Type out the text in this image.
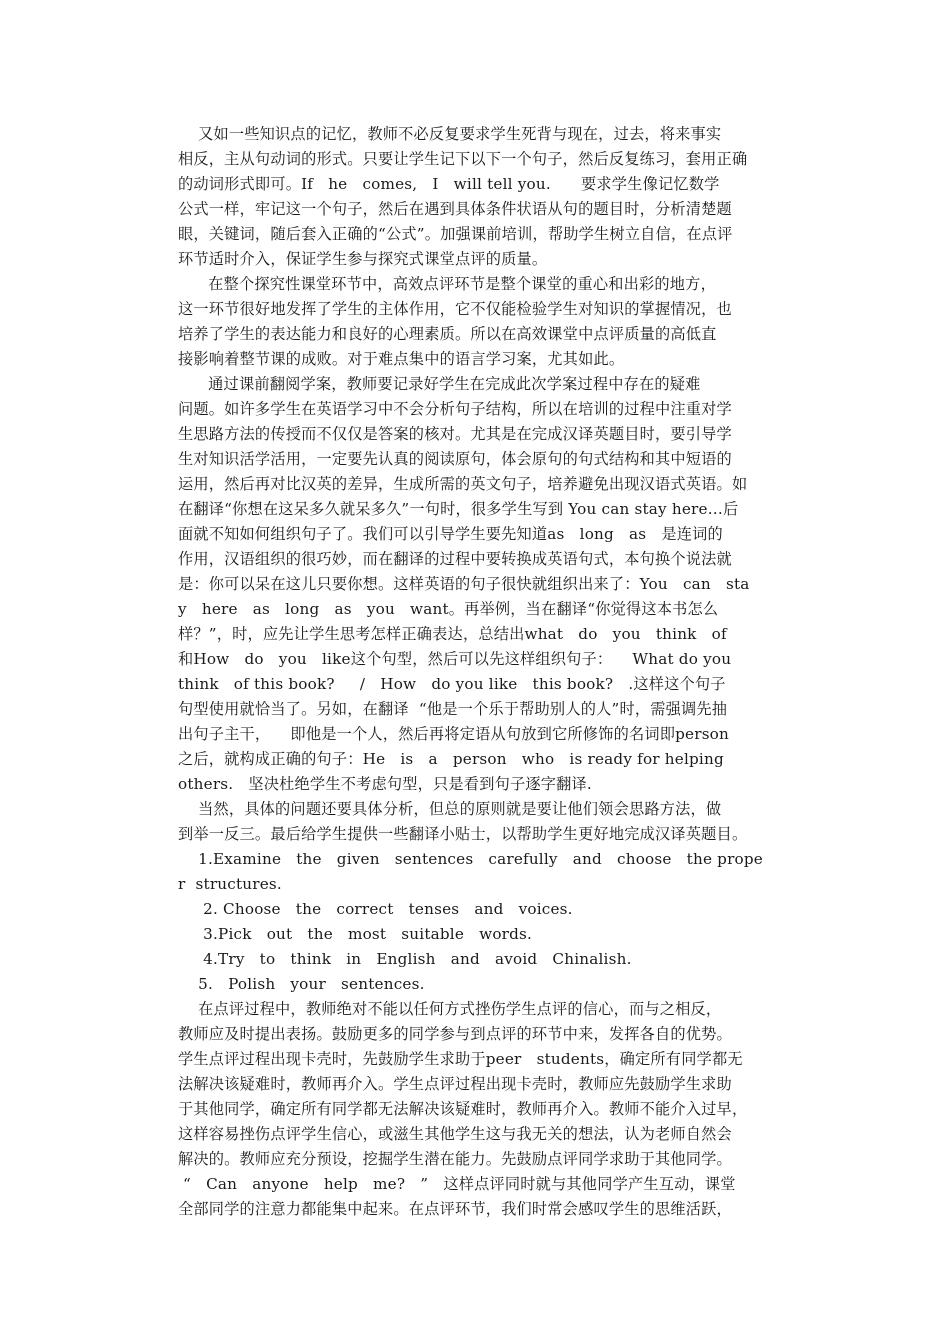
又如一些知识点的记忆，教师不必反复要求学生死背与现在，过去，将来事实
相反，主从句动词的形式。只要让学生记下以下一个句子，然后反复练习，套用正确
的动词形式即可。If   he   comes,   I   will tell you.      要求学生像记忆数学
公式一样，牢记这一个句子，然后在遇到具体条件状语从句的题目时，分析清楚题
眼，关键词，随后套入正确的“公式”。加强课前培训，帮助学生树立自信，在点评
环节适时介入，保证学生参与探究式课堂点评的质量。
在整个探究性课堂环节中，高效点评环节是整个课堂的重心和出彩的地方，
这一环节很好地发挥了学生的主体作用，它不仅能检验学生对知识的掌握情况，也
培养了学生的表达能力和良好的心理素质。所以在高效课堂中点评质量的高低直
接影响着整节课的成败。对于难点集中的语言学习案，尤其如此。
通过课前翻阅学案，教师要记录好学生在完成此次学案过程中存在的疑难
问题。如许多学生在英语学习中不会分析句子结构，所以在培训的过程中注重对学
生思路方法的传授而不仅仅是答案的核对。尤其是在完成汉译英题目时，要引导学
生对知识活学活用，一定要先认真的阅读原句，体会原句的句式结构和其中短语的
运用，然后再对比汉英的差异，生成所需的英文句子，培养避免出现汉语式英语。如
在翻译“你想在这呆多久就呆多久”一句时，很多学生写到 You can stay here…后
面就不知如何组织句子了。我们可以引导学生要先知道as   long   as   是连词的
作用，汉语组织的很巧妙，而在翻译的过程中要转换成英语句式，本句换个说法就
是：你可以呆在这儿只要你想。这样英语的句子很快就组织出来了：You   can   sta
y   here   as   long   as   you   want。再举例，当在翻译“你觉得这本书怎么
样？”，时，应先让学生思考怎样正确表达，总结出what   do   you   think   of
和How   do   you   like这个句型，然后可以先这样组织句子：    What do you
think   of this book?     /   How   do you like   this book?   .这样这个句子
句型使用就恰当了。另如，在翻译  “他是一个乐于帮助别人的人”时，需强调先抽
出句子主干，    即他是一个人，然后再将定语从句放到它所修饰的名词即person
之后，就构成正确的句子：He   is   a   person   who   is ready for helping
others.   坚决杜绝学生不考虑句型，只是看到句子逐字翻译.
当然，具体的问题还要具体分析，但总的原则就是要让他们领会思路方法，做
到举一反三。最后给学生提供一些翻译小贴士，以帮助学生更好地完成汉译英题目。
1.Examine   the   given   sentences   carefully   and   choose   the prope
r  structures.
2. Choose   the   correct   tenses   and   voices.
3.Pick   out   the   most   suitable   words.
4.Try   to   think   in   English   and   avoid   Chinalish.
5.   Polish   your   sentences.
在点评过程中，教师绝对不能以任何方式挫伤学生点评的信心，而与之相反，
教师应及时提出表扬。鼓励更多的同学参与到点评的环节中来，发挥各自的优势。
学生点评过程出现卡壳时，先鼓励学生求助于peer   students，确定所有同学都无
法解决该疑难时，教师再介入。学生点评过程出现卡壳时，教师应先鼓励学生求助
于其他同学，确定所有同学都无法解决该疑难时，教师再介入。教师不能介入过早，
这样容易挫伤点评学生信心，或滋生其他学生这与我无关的想法，认为老师自然会
解决的。教师应充分预设，挖掘学生潜在能力。先鼓励点评同学求助于其他同学。
“   Can   anyone   help   me?   ”   这样点评同时就与其他同学产生互动，课堂
全部同学的注意力都能集中起来。在点评环节，我们时常会感叹学生的思维活跃，
